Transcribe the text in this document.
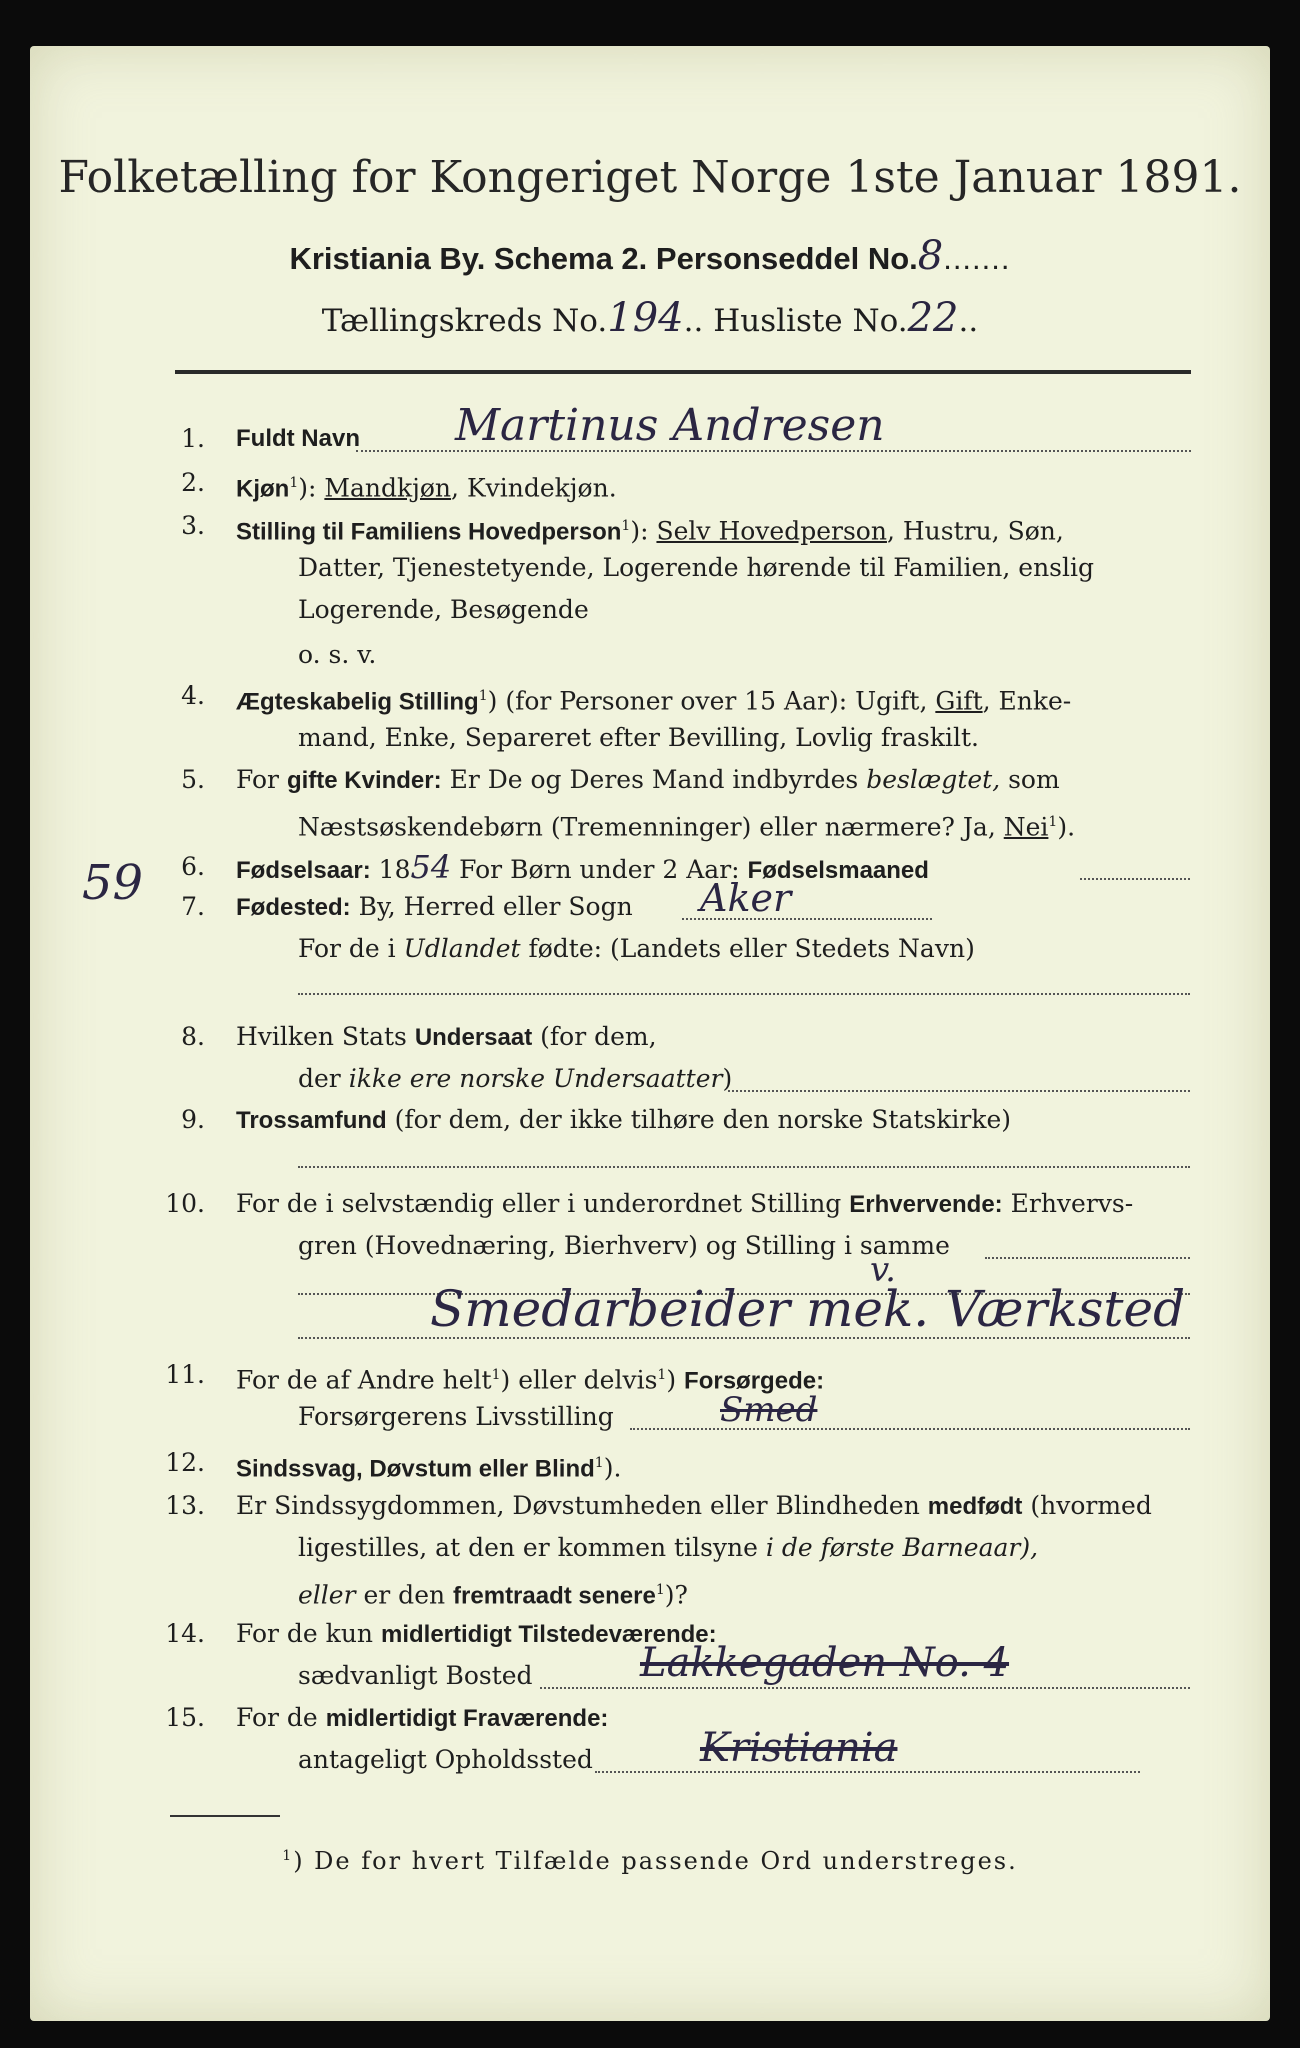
Folketælling for Kongeriget Norge 1ste Januar 1891.
Kristiania By. Schema 2. Personseddel No.8.......
Tællingskreds No.194.. Husliste No.22..
59
1. Fuldt Navn Martinus Andresen
2. Kjøn$^1$): Mandkjøn, Kvindekjøn.
3. Stilling til Familiens Hovedperson$^1$): Selv Hovedperson, Hustru, Søn,
Datter, Tjenestetyende, Logerende hørende til Familien, enslig
Logerende, Besøgende
o. s. v.
4. Ægteskabelig Stilling$^1$) (for Personer over 15 Aar): Ugift, Gift, Enke-
mand, Enke, Separeret efter Bevilling, Lovlig fraskilt.
5. For gifte Kvinder: Er De og Deres Mand indbyrdes beslægtet, som
Næstsøskendebørn (Tremenninger) eller nærmere? Ja, Nei$^1$).
6. Fødselsaar: 1854 For Børn under 2 Aar: Fødselsmaaned
7. Fødested: By, Herred eller Sogn Aker
For de i Udlandet fødte: (Landets eller Stedets Navn)
8. Hvilken Stats Undersaat (for dem,
der ikke ere norske Undersaatter)
9. Trossamfund (for dem, der ikke tilhøre den norske Statskirke)
10. For de i selvstændig eller i underordnet Stilling Erhvervende: Erhvervs-
gren (Hovednæring, Bierhverv) og Stilling i samme
v.
Smedarbeider mek. Værksted
11. For de af Andre helt$^1$) eller delvis$^1$) Forsørgede:
Forsørgerens Livsstilling	Smed
12. Sindssvag, Døvstum eller Blind$^1$).
13. Er Sindssygdommen, Døvstumheden eller Blindheden medfødt (hvormed
ligestilles, at den er kommen tilsyne i de første Barneaar),
eller er den fremtraadt senere$^1$)?
14. For de kun midlertidigt Tilstedeværende:
sædvanligt Bosted	Lakkegaden No. 4
15. For de midlertidigt Fraværende:
antageligt Opholdssted	Kristiania
$^1$) De for hvert Tilfælde passende Ord understreges.
